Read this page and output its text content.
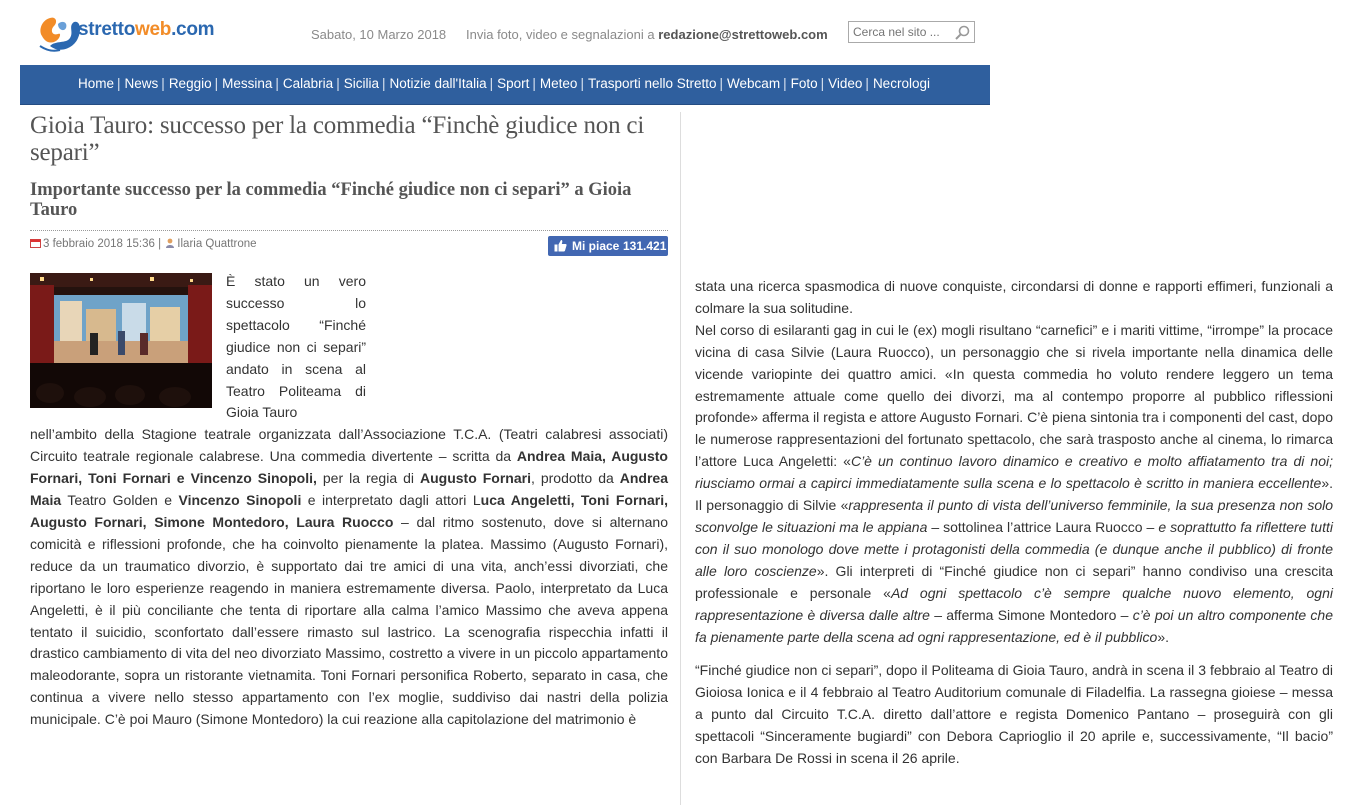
strettoweb.com	Sabato, 10 Marzo 2018 Invia foto, video e segnalazioni a redazione@strettoweb.com
Cerca nel sito ...
Home | News | Reggio | Messina | Calabria | Sicilia | Notizie dall'Italia | Sport | Meteo | Trasporti nello Stretto | Webcam | Foto | Video | Necrologi
Gioia Tauro: successo per la commedia “Finchè giudice non ci separi”
Importante successo per la commedia “Finché giudice non ci separi” a Gioia Tauro
3 febbraio 2018 15:36 | Ilaria Quattrone	Mi piace 131.421
È stato un vero successo lo spettacolo “Finché giudice non ci separi” andato in scena al Teatro Politeama di Gioia Tauro
nell’ambito della Stagione teatrale organizzata dall’Associazione T.C.A. (Teatri calabresi associati) Circuito teatrale regionale calabrese. Una commedia divertente – scritta da Andrea Maia, Augusto Fornari, Toni Fornari e Vincenzo Sinopoli, per la regia di Augusto Fornari, prodotto da Andrea Maia Teatro Golden e Vincenzo Sinopoli e interpretato dagli attori Luca Angeletti, Toni Fornari, Augusto Fornari, Simone Montedoro, Laura Ruocco – dal ritmo sostenuto, dove si alternano comicità e riflessioni profonde, che ha coinvolto pienamente la platea. Massimo (Augusto Fornari), reduce da un traumatico divorzio, è supportato dai tre amici di una vita, anch’essi divorziati, che riportano le loro esperienze reagendo in maniera estremamente diversa. Paolo, interpretato da Luca Angeletti, è il più conciliante che tenta di riportare alla calma l’amico Massimo che aveva appena tentato il suicidio, sconfortato dall’essere rimasto sul lastrico. La scenografia rispecchia infatti il drastico cambiamento di vita del neo divorziato Massimo, costretto a vivere in un piccolo appartamento maleodorante, sopra un ristorante vietnamita. Toni Fornari personifica Roberto, separato in casa, che continua a vivere nello stesso appartamento con l’ex moglie, suddiviso dai nastri della polizia municipale. C’è poi Mauro (Simone Montedoro) la cui reazione alla capitolazione del matrimonio è

stata una ricerca spasmodica di nuove conquiste, circondarsi di donne e rapporti effimeri, funzionali a colmare la sua solitudine.

Nel corso di esilaranti gag in cui le (ex) mogli risultano “carnefici” e i mariti vittime, “irrompe” la procace vicina di casa Silvie (Laura Ruocco), un personaggio che si rivela importante nella dinamica delle vicende variopinte dei quattro amici. «In questa commedia ho voluto rendere leggero un tema estremamente attuale come quello dei divorzi, ma al contempo proporre al pubblico riflessioni profonde» afferma il regista e attore Augusto Fornari. C’è piena sintonia tra i componenti del cast, dopo le numerose rappresentazioni del fortunato spettacolo, che sarà trasposto anche al cinema, lo rimarca l’attore Luca Angeletti: «C’è un continuo lavoro dinamico e creativo e molto affiatamento tra di noi; riusciamo ormai a capirci immediatamente sulla scena e lo spettacolo è scritto in maniera eccellente». Il personaggio di Silvie «rappresenta il punto di vista dell’universo femminile, la sua presenza non solo sconvolge le situazioni ma le appiana – sottolinea l’attrice Laura Ruocco – e soprattutto fa riflettere tutti con il suo monologo dove mette i protagonisti della commedia (e dunque anche il pubblico) di fronte alle loro coscienze». Gli interpreti di “Finché giudice non ci separi” hanno condiviso una crescita professionale e personale «Ad ogni spettacolo c’è sempre qualche nuovo elemento, ogni rappresentazione è diversa dalle altre – afferma Simone Montedoro – c’è poi un altro componente che fa pienamente parte della scena ad ogni rappresentazione, ed è il pubblico».

“Finché giudice non ci separi”, dopo il Politeama di Gioia Tauro, andrà in scena il 3 febbraio al Teatro di Gioiosa Ionica e il 4 febbraio al Teatro Auditorium comunale di Filadelfia. La rassegna gioiese – messa a punto dal Circuito T.C.A. diretto dall’attore e regista Domenico Pantano – proseguirà con gli spettacoli “Sinceramente bugiardi” con Debora Caprioglio il 20 aprile e, successivamente, “Il bacio” con Barbara De Rossi in scena il 26 aprile.
